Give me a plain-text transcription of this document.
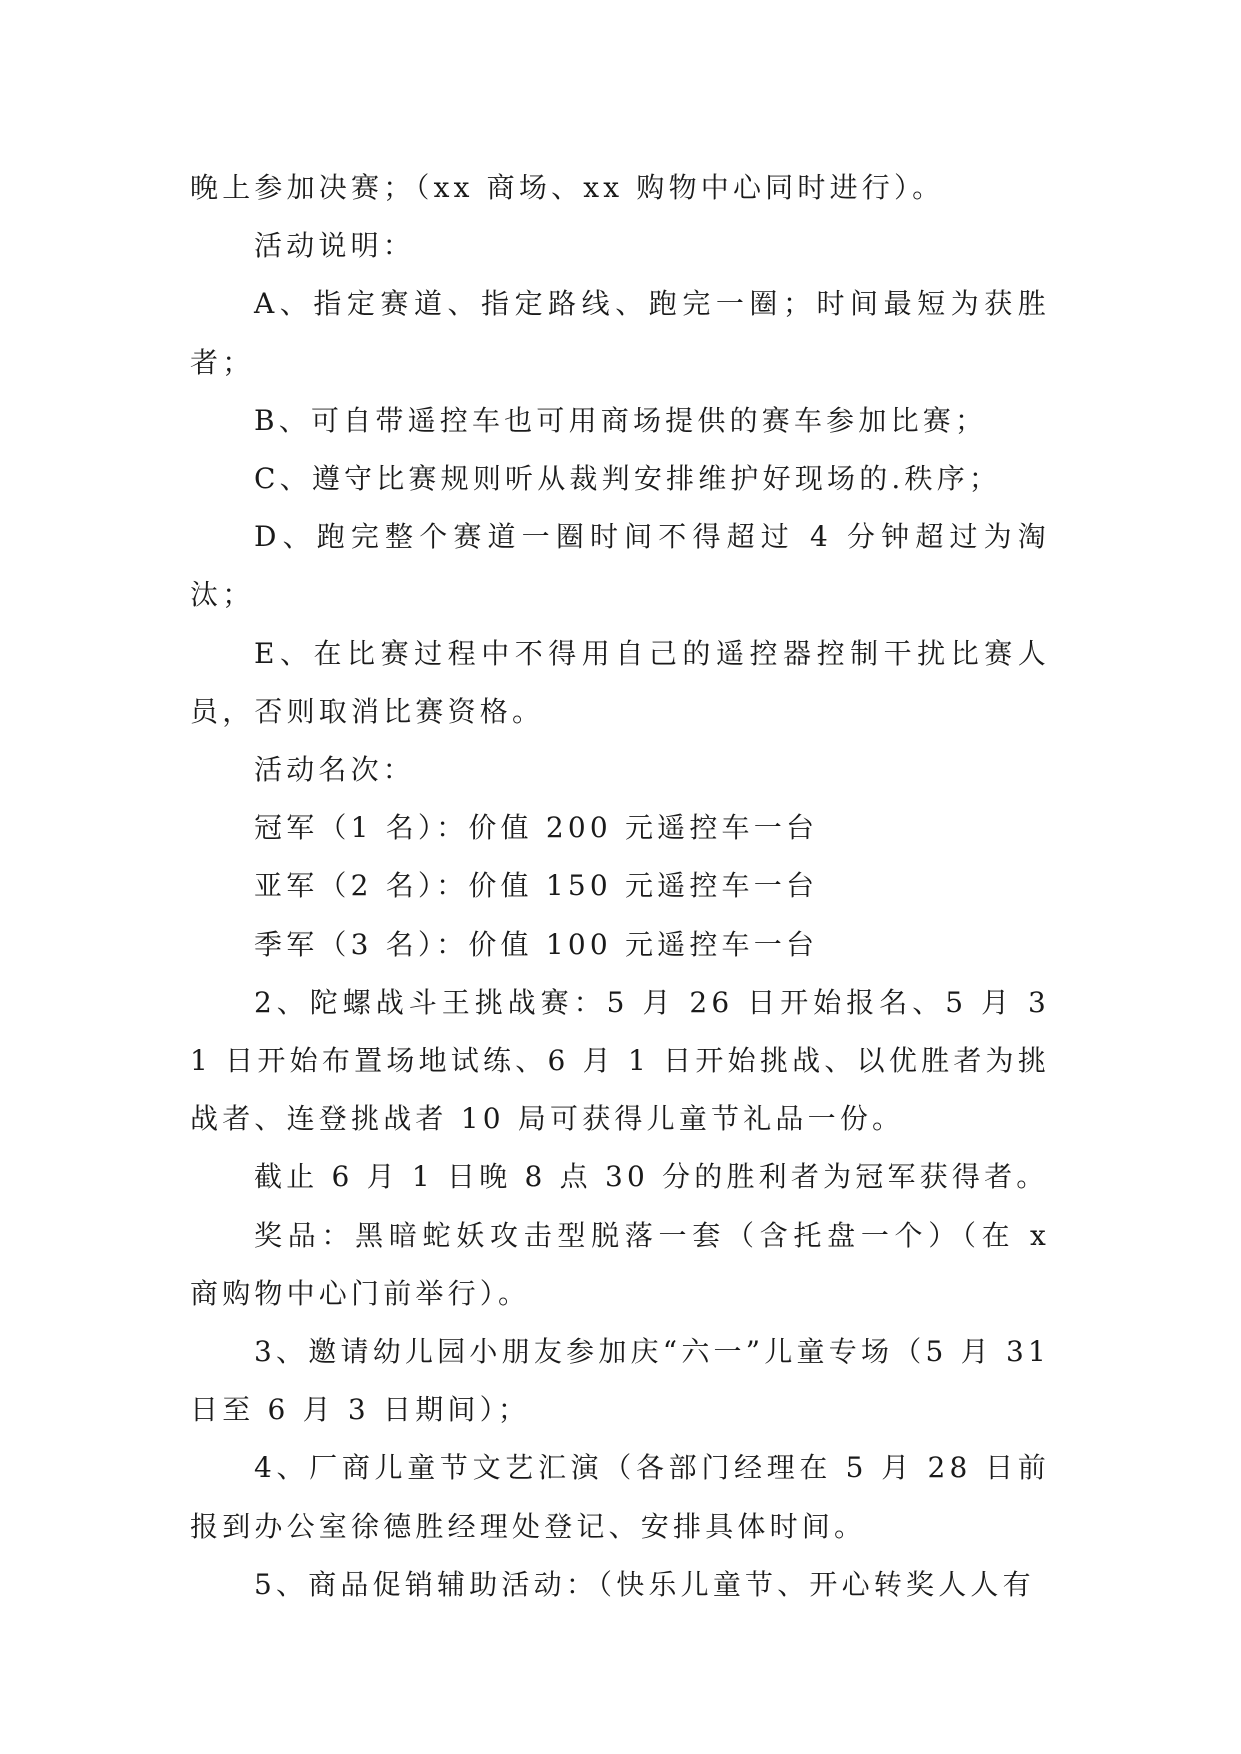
晚上参加决赛；（xx 商场、xx 购物中心同时进行）。

活动说明：

A、指定赛道、指定路线、跑完一圈；时间最短为获胜者；

B、可自带遥控车也可用商场提供的赛车参加比赛；

C、遵守比赛规则听从裁判安排维护好现场的.秩序；

D、跑完整个赛道一圈时间不得超过 4 分钟超过为淘汰；

E、在比赛过程中不得用自己的遥控器控制干扰比赛人员，否则取消比赛资格。

活动名次：

冠军（1 名）：价值 200 元遥控车一台

亚军（2 名）：价值 150 元遥控车一台

季军（3 名）：价值 100 元遥控车一台

2、陀螺战斗王挑战赛：5 月 26 日开始报名、5 月 31 日开始布置场地试练、6 月 1 日开始挑战、以优胜者为挑战者、连登挑战者 10 局可获得儿童节礼品一份。

截止 6 月 1 日晚 8 点 30 分的胜利者为冠军获得者。

奖品：黑暗蛇妖攻击型脱落一套（含托盘一个）（在 x 商购物中心门前举行）。

3、邀请幼儿园小朋友参加庆“六一”儿童专场（5 月 31 日至 6 月 3 日期间）；

4、厂商儿童节文艺汇演（各部门经理在 5 月 28 日前报到办公室徐德胜经理处登记、安排具体时间。

5、商品促销辅助活动：（快乐儿童节、开心转奖人人有
